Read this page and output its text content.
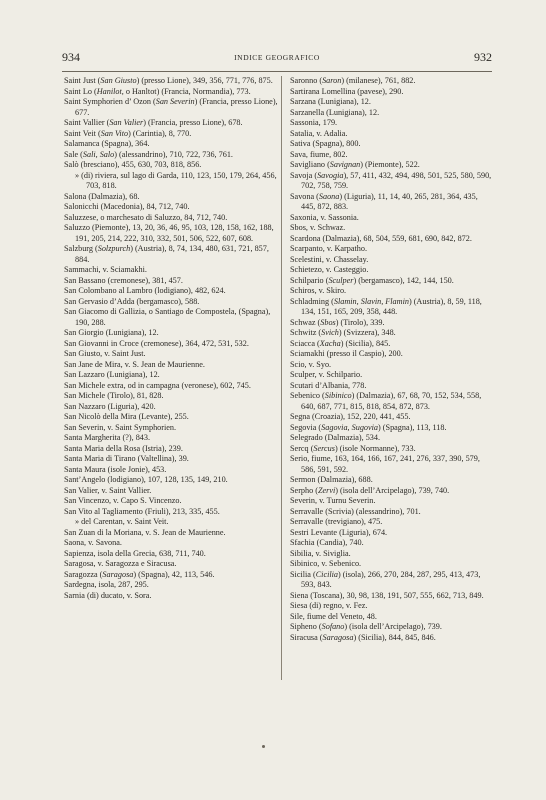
934	INDICE GEOGRAFICO	932

Saint Just (San Giusto) (presso Lione), 349, 356, 771, 776, 875.

Saint Lo (Hanilot, o Hanltot) (Francia, Normandia), 773.

Saint Symphorien d’ Ozon (San Severin) (Francia, presso Lione), 677.

Saint Vallier (San Valier) (Francia, presso Lione), 678.

Saint Veit (San Vito) (Carintia), 8, 770.

Salamanca (Spagna), 364.

Sale (Sali, Salo) (alessandrino), 710, 722, 736, 761.

Salò (bresciano), 455, 630, 703, 818, 856.

» (di) riviera, sul lago di Garda, 110, 123, 150, 179, 264, 456, 703, 818.

Salona (Dalmazia), 68.

Salonicchi (Macedonia), 84, 712, 740.

Saluzzese, o marchesato di Saluzzo, 84, 712, 740.

Saluzzo (Piemonte), 13, 20, 36, 46, 95, 103, 128, 158, 162, 188, 191, 205, 214, 222, 310, 332, 501, 506, 522, 607, 608.

Salzburg (Solzpurch) (Austria), 8, 74, 134, 480, 631, 721, 857, 884.

Sammachi, v. Sciamakhi.

San Bassano (cremonese), 381, 457.

San Colombano al Lambro (lodigiano), 482, 624.

San Gervasio d’Adda (bergamasco), 588.

San Giacomo di Gallizia, o Santiago de Compostela, (Spagna), 190, 288.

San Giorgio (Lunigiana), 12.

San Giovanni in Croce (cremonese), 364, 472, 531, 532.

San Giusto, v. Saint Just.

San Jane de Mira, v. S. Jean de Maurienne.

San Lazzaro (Lunigiana), 12.

San Michele extra, od in campagna (veronese), 602, 745.

San Michele (Tirolo), 81, 828.

San Nazzaro (Liguria), 420.

San Nicolò della Mira (Levante), 255.

San Severin, v. Saint Symphorien.

Santa Margherita (?), 843.

Santa Maria della Rosa (Istria), 239.

Santa Maria di Tirano (Valtellina), 39.

Santa Maura (isole Jonie), 453.

Sant’Angelo (lodigiano), 107, 128, 135, 149, 210.

San Valier, v. Saint Vallier.

San Vincenzo, v. Capo S. Vincenzo.

San Vito al Tagliamento (Friuli), 213, 335, 455.

» del Carentan, v. Saint Veit.

San Zuan di la Moriana, v. S. Jean de Maurienne.

Saona, v. Savona.

Sapienza, isola della Grecia, 638, 711, 740.

Saragosa, v. Saragozza e Siracusa.

Saragozza (Saragosa) (Spagna), 42, 113, 546.

Sardegna, isola, 287, 295.

Sarnia (di) ducato, v. Sora.

Saronno (Saron) (milanese), 761, 882.

Sartirana Lomellina (pavese), 290.

Sarzana (Lunigiana), 12.

Sarzanella (Lunigiana), 12.

Sassonia, 179.

Satalia, v. Adalia.

Sativa (Spagna), 800.

Sava, fiume, 802.

Savigliano (Savignan) (Piemonte), 522.

Savoja (Savogia), 57, 411, 432, 494, 498, 501, 525, 580, 590, 702, 758, 759.

Savona (Saona) (Liguria), 11, 14, 40, 265, 281, 364, 435, 445, 872, 883.

Saxonia, v. Sassonia.

Sbos, v. Schwaz.

Scardona (Dalmazia), 68, 504, 559, 681, 690, 842, 872.

Scarpanto, v. Karpatho.

Scelestini, v. Chasselay.

Schietezo, v. Casteggio.

Schilpario (Sculper) (bergamasco), 142, 144, 150.

Schiros, v. Skiro.

Schladming (Slamin, Slavin, Flamin) (Austria), 8, 59, 118, 134, 151, 165, 209, 358, 448.

Schwaz (Sbos) (Tirolo), 339.

Schwitz (Svich) (Svizzera), 348.

Sciacca (Xacha) (Sicilia), 845.

Sciamakhi (presso il Caspio), 200.

Scio, v. Syo.

Sculper, v. Schilpario.

Scutari d’Albania, 778.

Sebenico (Sibinico) (Dalmazia), 67, 68, 70, 152, 534, 558, 640, 687, 771, 815, 818, 854, 872, 873.

Segna (Croazia), 152, 220, 441, 455.

Segovia (Sagovia, Sugovia) (Spagna), 113, 118.

Selegrado (Dalmazia), 534.

Sercq (Sercus) (isole Normanne), 733.

Serio, fiume, 163, 164, 166, 167, 241, 276, 337, 390, 579, 586, 591, 592.

Sermon (Dalmazia), 688.

Serpho (Zervi) (isola dell’Arcipelago), 739, 740.

Severin, v. Turnu Severin.

Serravalle (Scrivia) (alessandrino), 701.

Serravalle (trevigiano), 475.

Sestri Levante (Liguria), 674.

Sfachia (Candia), 740.

Sibilia, v. Siviglia.

Sibinico, v. Sebenico.

Sicilia (Cicilia) (isola), 266, 270, 284, 287, 295, 413, 473, 593, 843.

Siena (Toscana), 30, 98, 138, 191, 507, 555, 662, 713, 849.

Siesa (di) regno, v. Fez.

Sile, fiume del Veneto, 48.

Sipheno (Sofano) (isola dell’Arcipelago), 739.

Siracusa (Saragosa) (Sicilia), 844, 845, 846.
